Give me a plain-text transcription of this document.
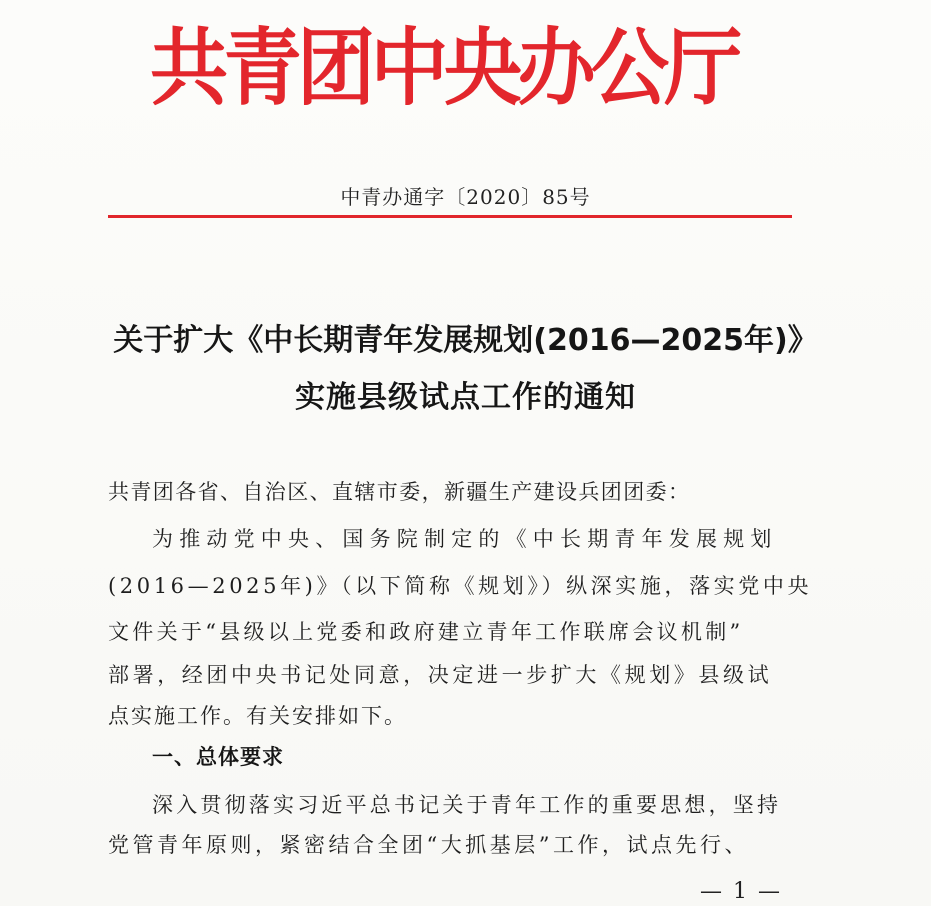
共青团中央办公厅
中青办通字〔2020〕85号
关于扩大《中长期青年发展规划(2016—2025年)》
实施县级试点工作的通知
共青团各省、自治区、直辖市委，新疆生产建设兵团团委：
为推动党中央、国务院制定的《中长期青年发展规划
(2016—2025年)》（以下简称《规划》）纵深实施，落实党中央
文件关于“县级以上党委和政府建立青年工作联席会议机制”
部署，经团中央书记处同意，决定进一步扩大《规划》县级试
点实施工作。有关安排如下。
一、总体要求
深入贯彻落实习近平总书记关于青年工作的重要思想，坚持
党管青年原则，紧密结合全团“大抓基层”工作，试点先行、
— 1 —
